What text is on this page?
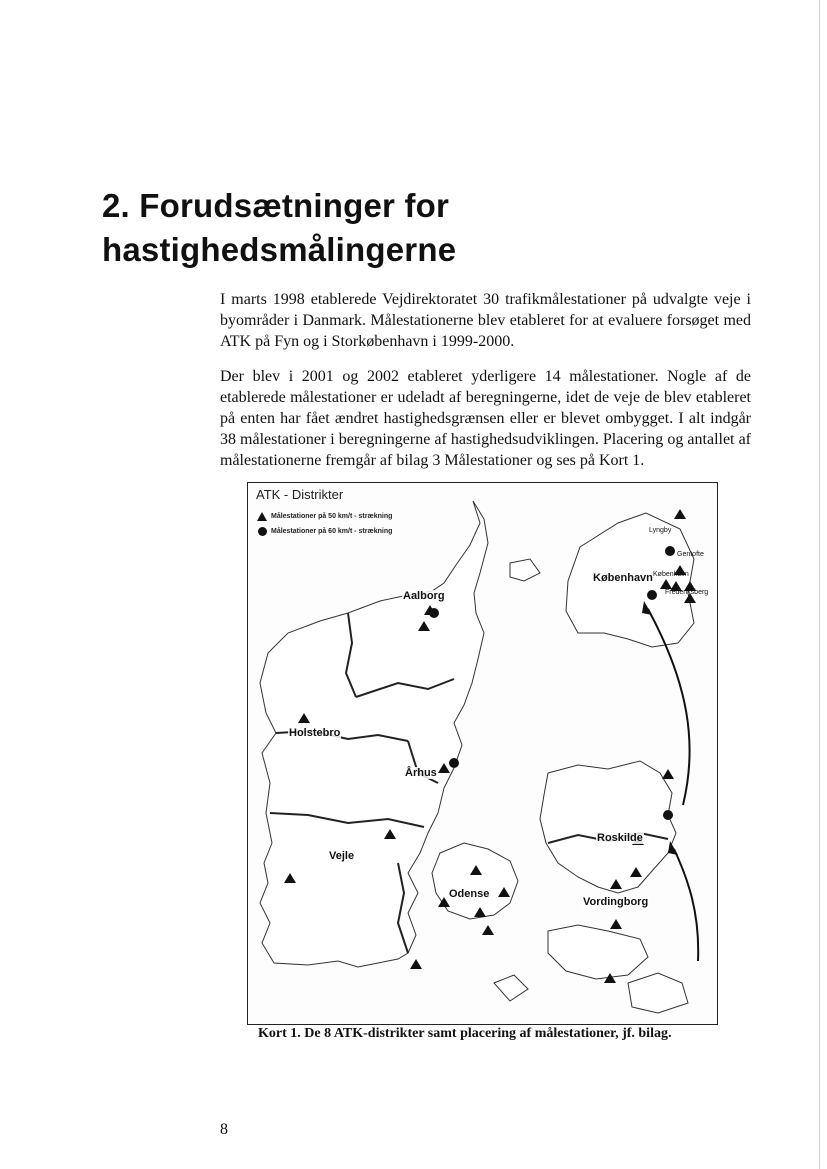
2. Forudsætninger for
hastighedsmålingerne

I marts 1998 etablerede Vejdirektoratet 30 trafikmålestationer på udvalgte veje i byområder i Danmark. Målestationerne blev etableret for at evaluere forsøget med ATK på Fyn og i Storkøbenhavn i 1999-2000.

Der blev i 2001 og 2002 etableret yderligere 14 målestationer. Nogle af de etablerede målestationer er udeladt af beregningerne, idet de veje de blev etableret på enten har fået ændret hastighedsgrænsen eller er blevet ombygget. I alt indgår 38 målestationer i beregningerne af hastighedsudviklingen. Placering og antallet af målestationerne fremgår af bilag 3 Målestationer og ses på Kort 1.

ATK - Distrikter
Målestationer på 50 km/t - strækning
Målestationer på 60 km/t - strækning
Aalborg
Holstebro
Århus
Vejle
Odense
Roskilde
Vordingborg
København
Lyngby
Gentofte
København
Frederiksberg

Kort 1. De 8 ATK-distrikter samt placering af målestationer, jf. bilag.

8
